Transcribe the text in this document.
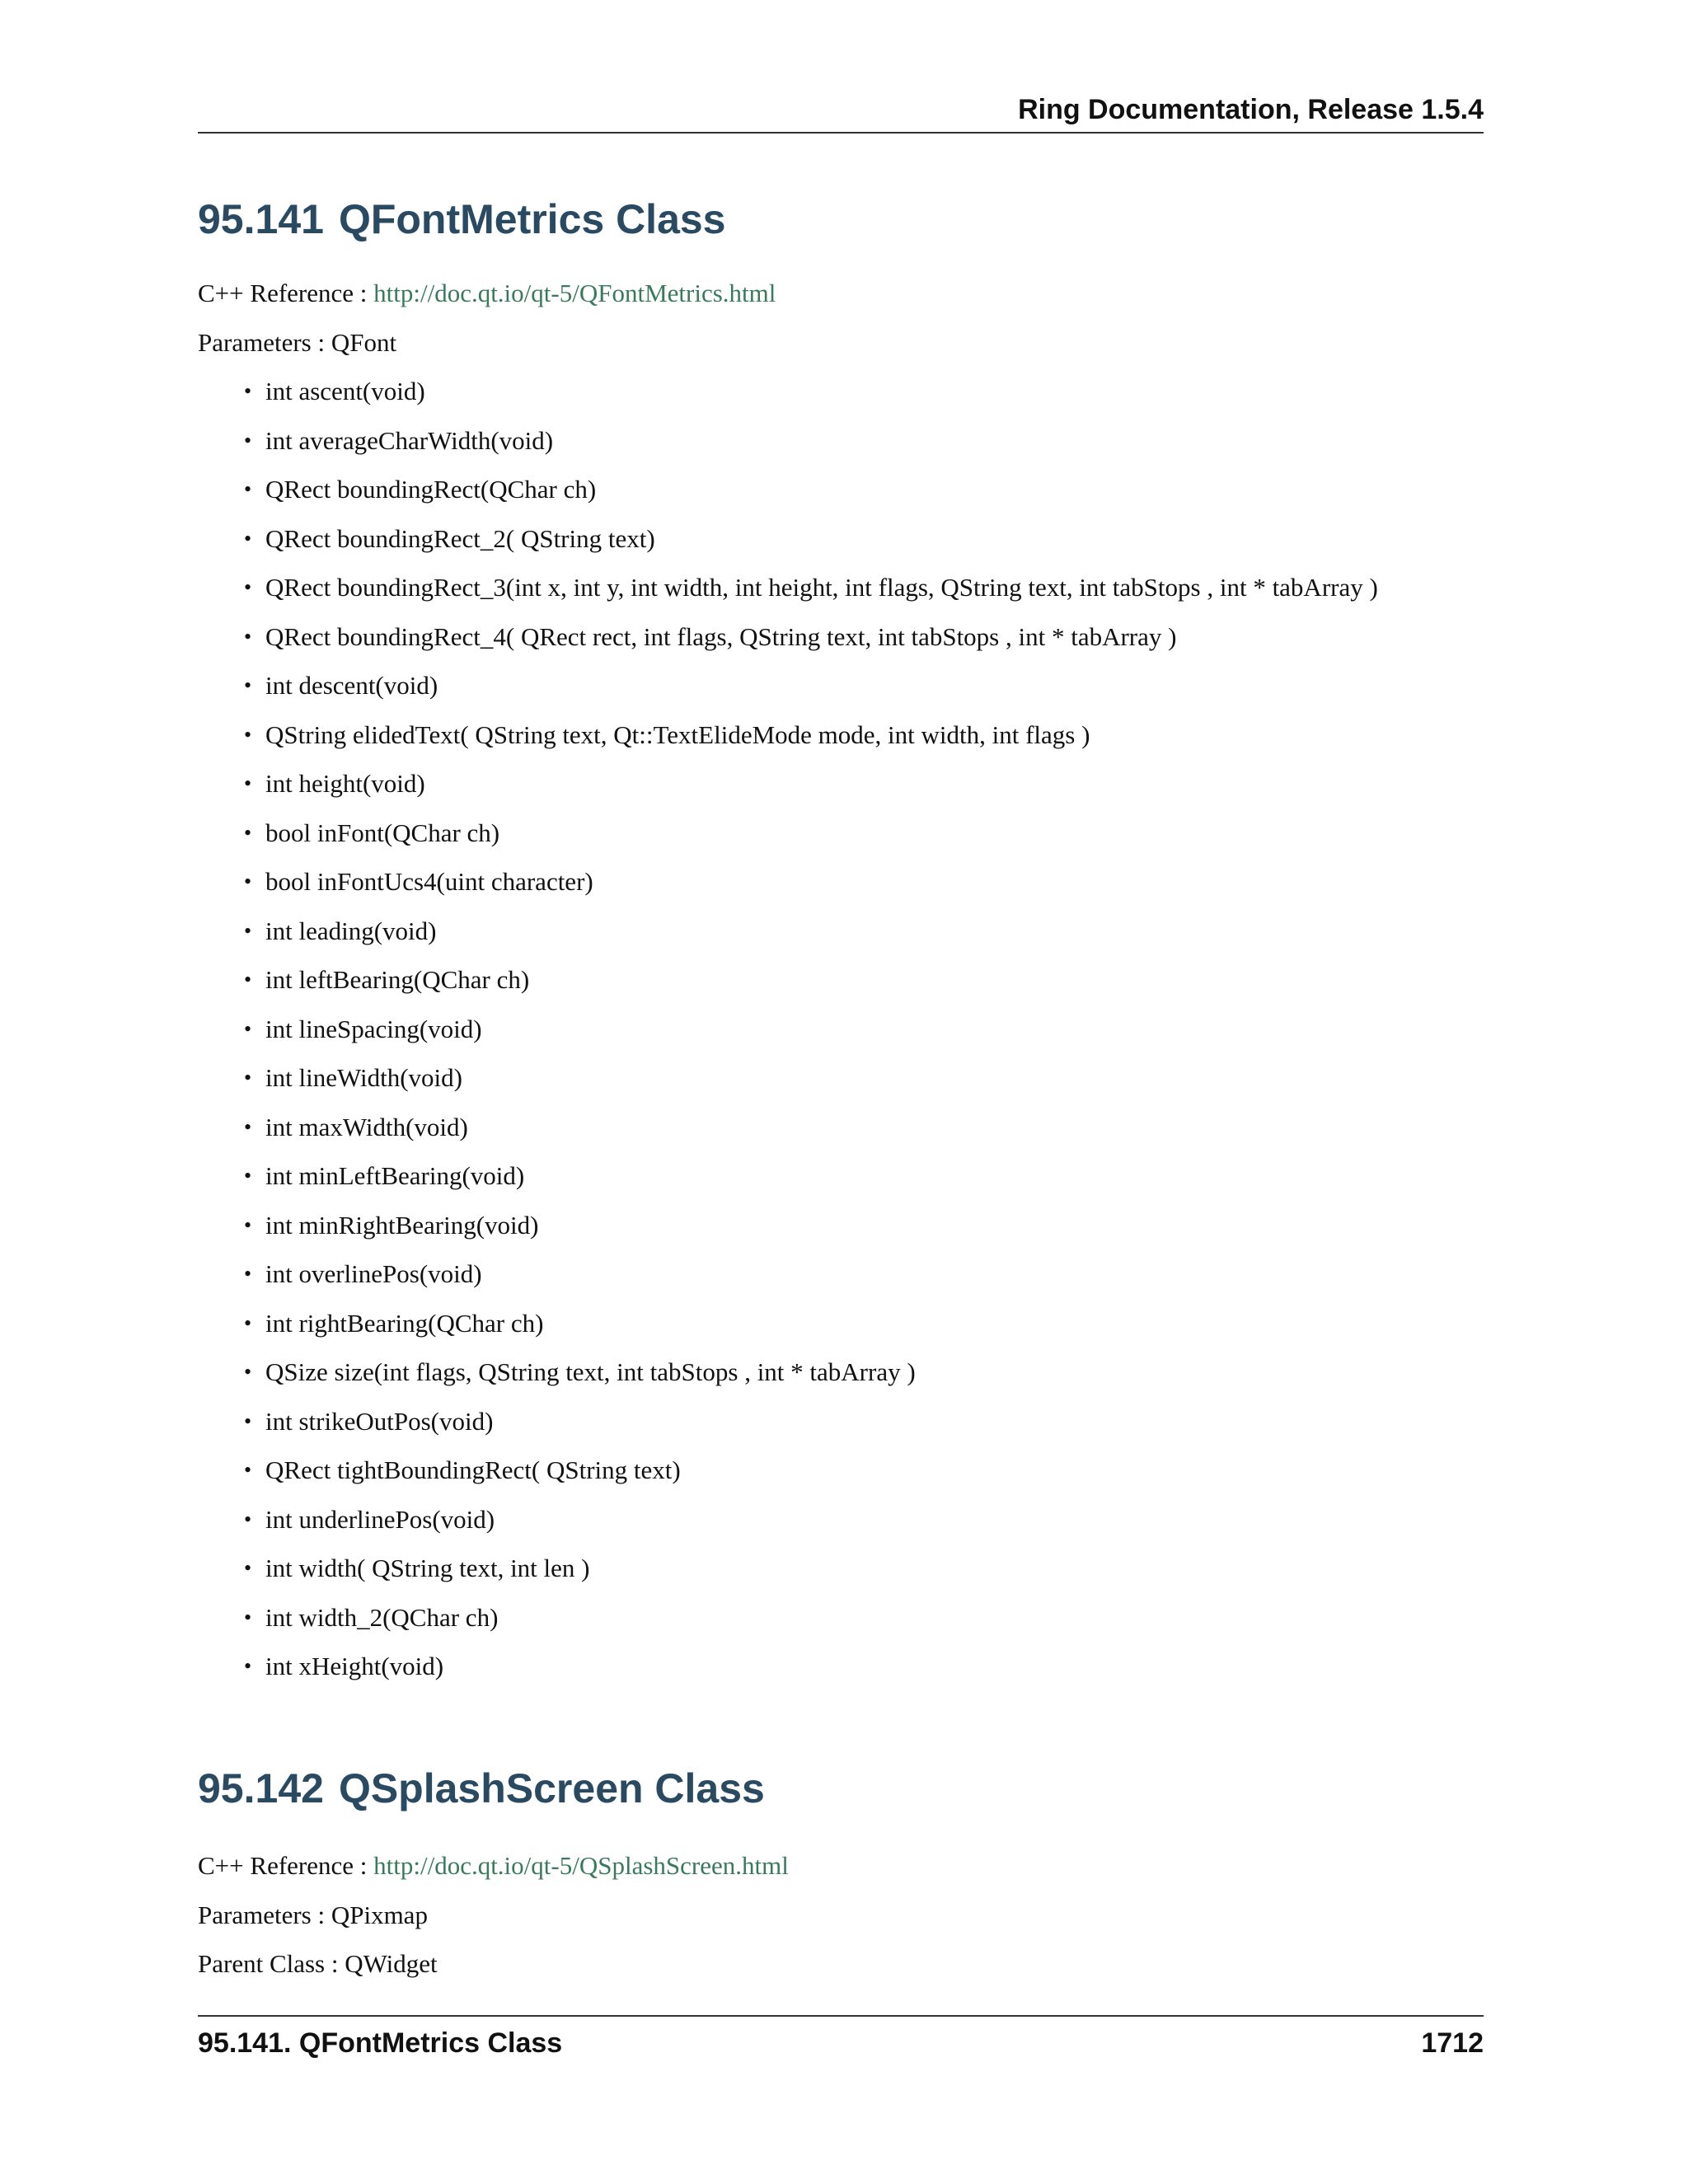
Ring Documentation, Release 1.5.4
95.141 QFontMetrics Class

C++ Reference : http://doc.qt.io/qt-5/QFontMetrics.html

Parameters : QFont

• int ascent(void)
• int averageCharWidth(void)
• QRect boundingRect(QChar ch)
• QRect boundingRect_2( QString text)
• QRect boundingRect_3(int x, int y, int width, int height, int flags, QString text, int tabStops , int * tabArray )
• QRect boundingRect_4( QRect rect, int flags, QString text, int tabStops , int * tabArray )
• int descent(void)
• QString elidedText( QString text, Qt::TextElideMode mode, int width, int flags )
• int height(void)
• bool inFont(QChar ch)
• bool inFontUcs4(uint character)
• int leading(void)
• int leftBearing(QChar ch)
• int lineSpacing(void)
• int lineWidth(void)
• int maxWidth(void)
• int minLeftBearing(void)
• int minRightBearing(void)
• int overlinePos(void)
• int rightBearing(QChar ch)
• QSize size(int flags, QString text, int tabStops , int * tabArray )
• int strikeOutPos(void)
• QRect tightBoundingRect( QString text)
• int underlinePos(void)
• int width( QString text, int len )
• int width_2(QChar ch)
• int xHeight(void)
95.142 QSplashScreen Class

C++ Reference : http://doc.qt.io/qt-5/QSplashScreen.html

Parameters : QPixmap

Parent Class : QWidget

95.141. QFontMetrics Class	1712
